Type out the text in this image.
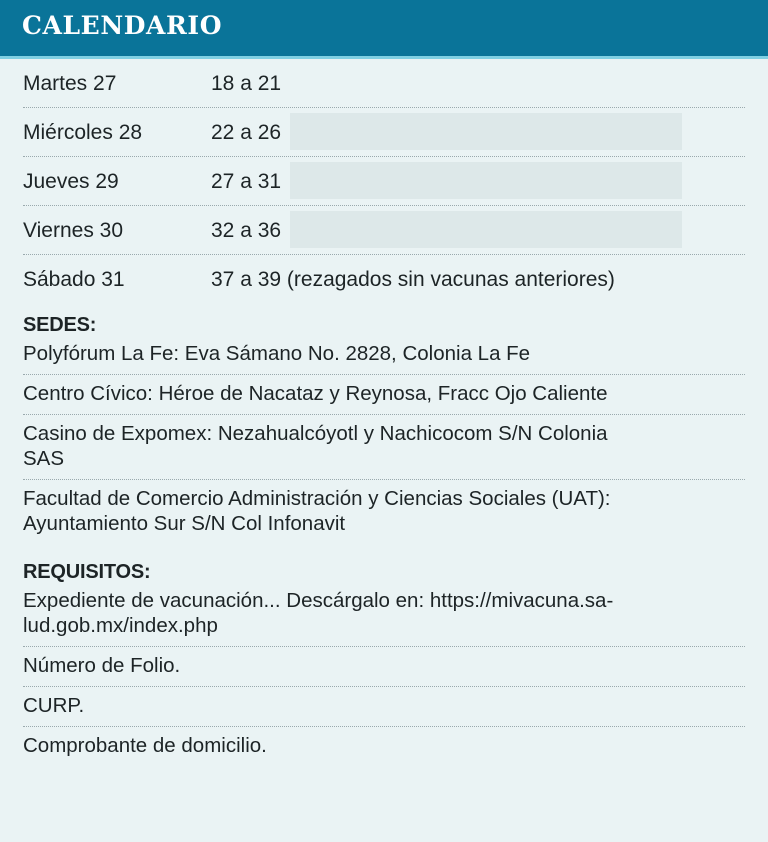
CALENDARIO
Martes 27	18 a 21
Miércoles 28	22 a 26
Jueves 29	27 a 31
Viernes 30	32 a 36
Sábado 31	37 a 39 (rezagados sin vacunas anteriores)
SEDES:
Polyfórum La Fe: Eva Sámano No. 2828, Colonia La Fe
Centro Cívico: Héroe de Nacataz y Reynosa, Fracc Ojo Caliente
Casino de Expomex: Nezahualcóyotl y Nachicocom S/N Colonia
SAS
Facultad de Comercio Administración y Ciencias Sociales (UAT):
Ayuntamiento Sur S/N Col Infonavit
REQUISITOS:
Expediente de vacunación... Descárgalo en: https://mivacuna.sa-
lud.gob.mx/index.php
Número de Folio.
CURP.
Comprobante de domicilio.
